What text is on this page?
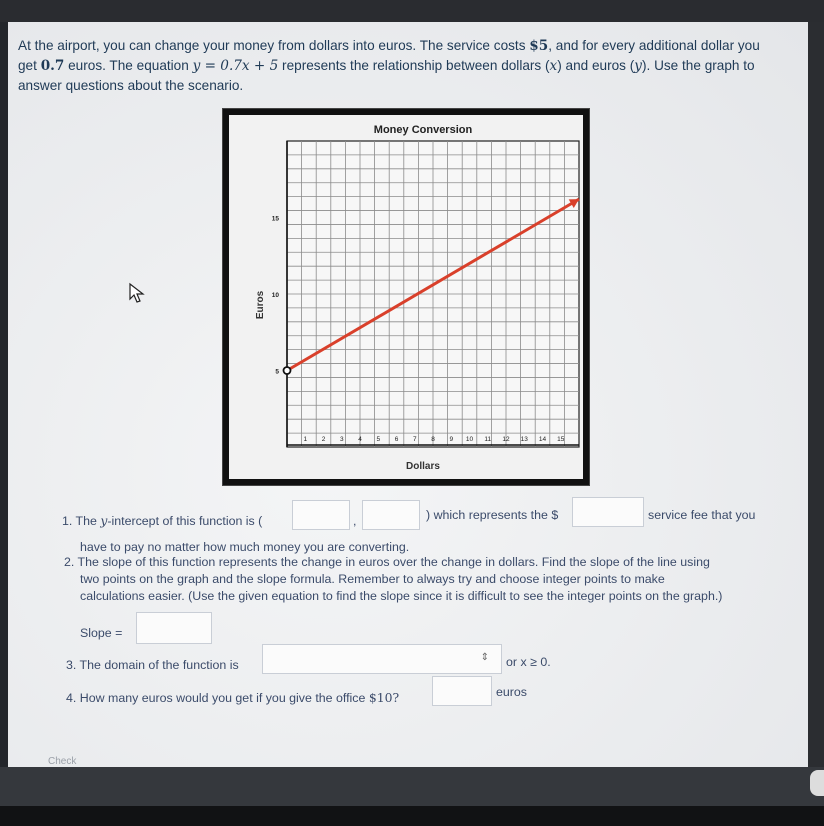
At the airport, you can change your money from dollars into euros. The service costs $5, and for every additional dollar you
get 0.7 euros. The equation y = 0.7x + 5 represents the relationship between dollars (x) and euros (y). Use the graph to
answer questions about the scenario.
Money Conversion
Euros
Dollars
1 2 3 4 5 6 7 8 9 10 11 12 13 14 15
5
10
15
1. The y-intercept of this function is (	,	) which represents the $	service fee that you
have to pay no matter how much money you are converting.
2. The slope of this function represents the change in euros over the change in dollars. Find the slope of the line using
two points on the graph and the slope formula. Remember to always try and choose integer points to make
calculations easier. (Use the given equation to find the slope since it is difficult to see the integer points on the graph.)
Slope =
3. The domain of the function is
⇕ or x ≥ 0.
4. How many euros would you get if you give the office $10?	euros
Check
